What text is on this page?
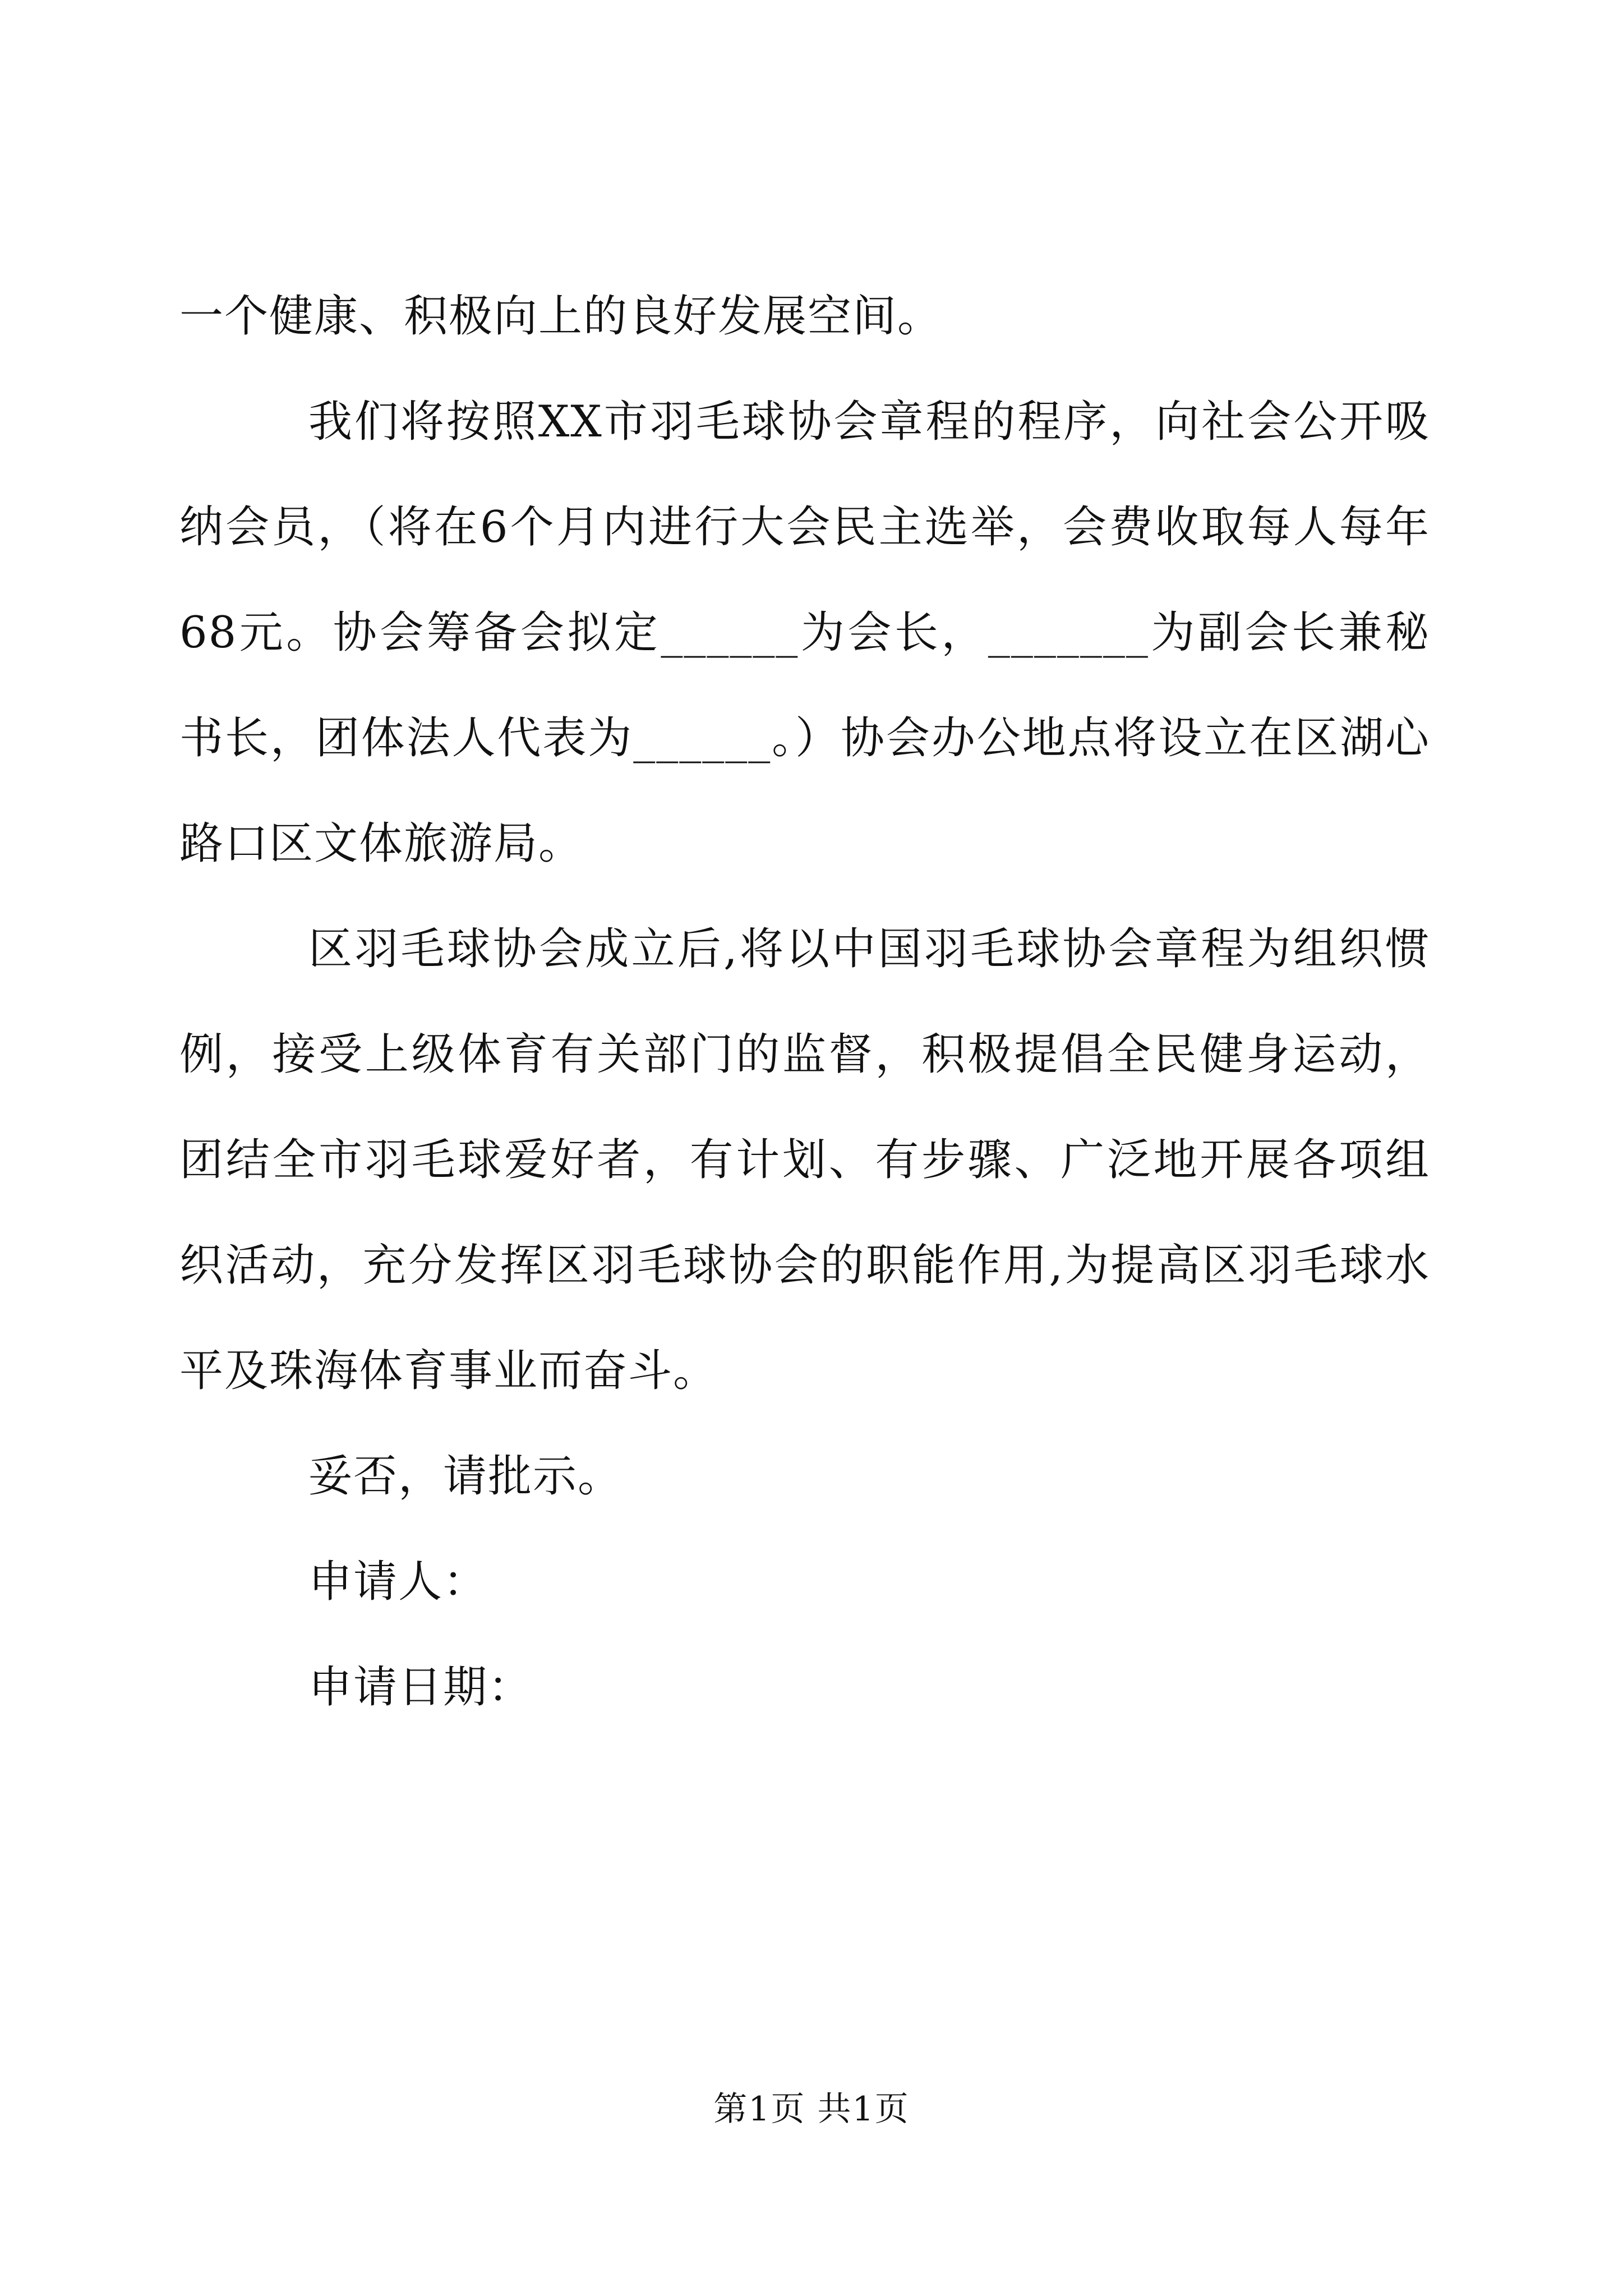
一个健康、积极向上的良好发展空间。

我们将按照XX市羽毛球协会章程的程序，向社会公开吸纳会员，（将在6个月内进行大会民主选举，会费收取每人每年68元。协会筹备会拟定______为会长，_______为副会长兼秘书长，团体法人代表为______。）协会办公地点将设立在区湖心路口区文体旅游局。

区羽毛球协会成立后,将以中国羽毛球协会章程为组织惯例，接受上级体育有关部门的监督，积极提倡全民健身运动，团结全市羽毛球爱好者，有计划、有步骤、广泛地开展各项组织活动，充分发挥区羽毛球协会的职能作用,为提高区羽毛球水平及珠海体育事业而奋斗。

妥否，请批示。

申请人：

申请日期：

第1页 共1页
